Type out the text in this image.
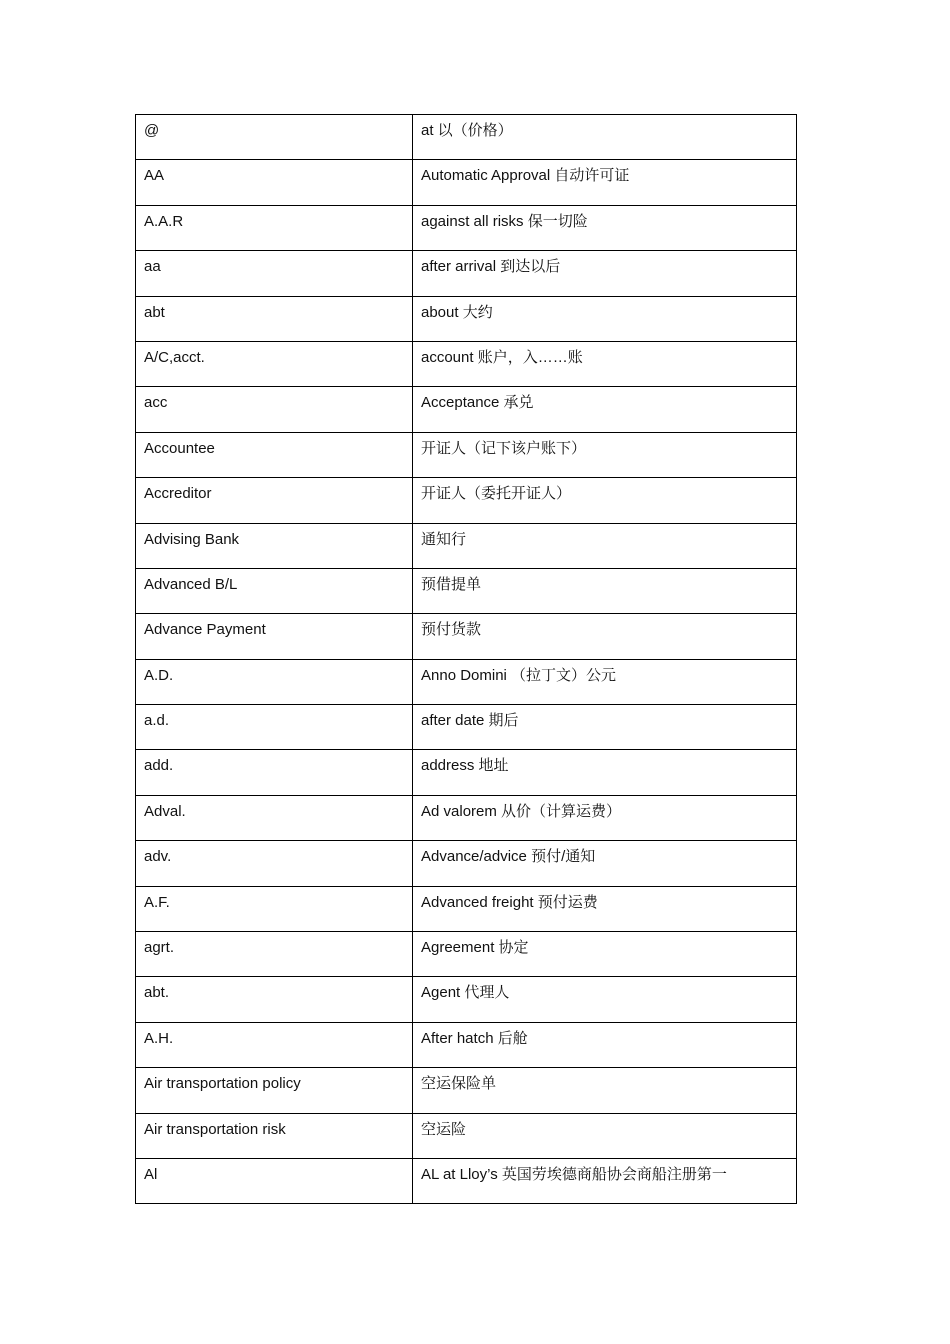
@	at 以（价格）

AA	Automatic Approval 自动许可证

A.A.R	against all risks 保一切险

aa	after arrival 到达以后

abt	about 大约

A/C,acct.	account 账户，入……账

acc	Acceptance 承兑

Accountee	开证人（记下该户账下）

Accreditor	开证人（委托开证人）

Advising Bank	通知行

Advanced B/L	预借提单

Advance Payment	预付货款

A.D.	Anno Domini （拉丁文）公元

a.d.	after date 期后

add.	address 地址

Adval.	Ad valorem 从价（计算运费）

adv.	Advance/advice 预付/通知

A.F.	Advanced freight 预付运费

agrt.	Agreement 协定

abt.	Agent 代理人

A.H.	After hatch 后舱

Air transportation policy	空运保险单

Air transportation risk	空运险

Al	AL at Lloy’s 英国劳埃德商船协会商船注册第一
